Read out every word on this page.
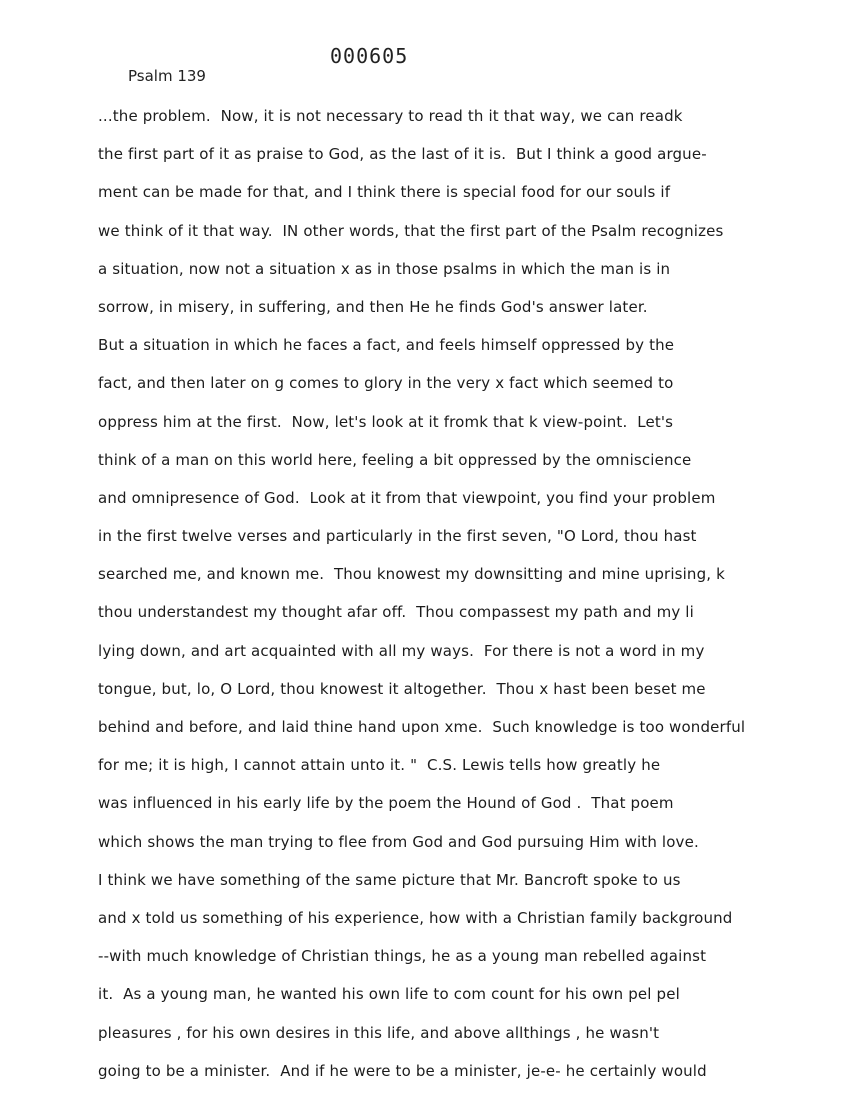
000605
Psalm 139
...the problem.  Now, it is not necessary to read th it that way, we can readk
the first part of it as praise to God, as the last of it is.  But I think a good argue-
ment can be made for that, and I think there is special food for our souls if
we think of it that way.  IN other words, that the first part of the Psalm recognizes
a situation, now not a situation x as in those psalms in which the man is in
sorrow, in misery, in suffering, and then He he finds God's answer later.
But a situation in which he faces a fact, and feels himself oppressed by the
fact, and then later on g comes to glory in the very x fact which seemed to
oppress him at the first.  Now, let's look at it fromk that k view-point.  Let's
think of a man on this world here, feeling a bit oppressed by the omniscience
and omnipresence of God.  Look at it from that viewpoint, you find your problem
in the first twelve verses and particularly in the first seven, "O Lord, thou hast
searched me, and known me.  Thou knowest my downsitting and mine uprising, k
thou understandest my thought afar off.  Thou compassest my path and my li
lying down, and art acquainted with all my ways.  For there is not a word in my
tongue, but, lo, O Lord, thou knowest it altogether.  Thou x hast been beset me
behind and before, and laid thine hand upon xme.  Such knowledge is too wonderful
for me; it is high, I cannot attain unto it. "  C.S. Lewis tells how greatly he
was influenced in his early life by the poem the Hound of God .  That poem
which shows the man trying to flee from God and God pursuing Him with love.
I think we have something of the same picture that Mr. Bancroft spoke to us
and x told us something of his experience, how with a Christian family background
--with much knowledge of Christian things, he as a young man rebelled against
it.  As a young man, he wanted his own life to com count for his own pel pel
pleasures , for his own desires in this life, and above allthings , he wasn't
going to be a minister.  And if he were to be a minister, je-e- he certainly would
